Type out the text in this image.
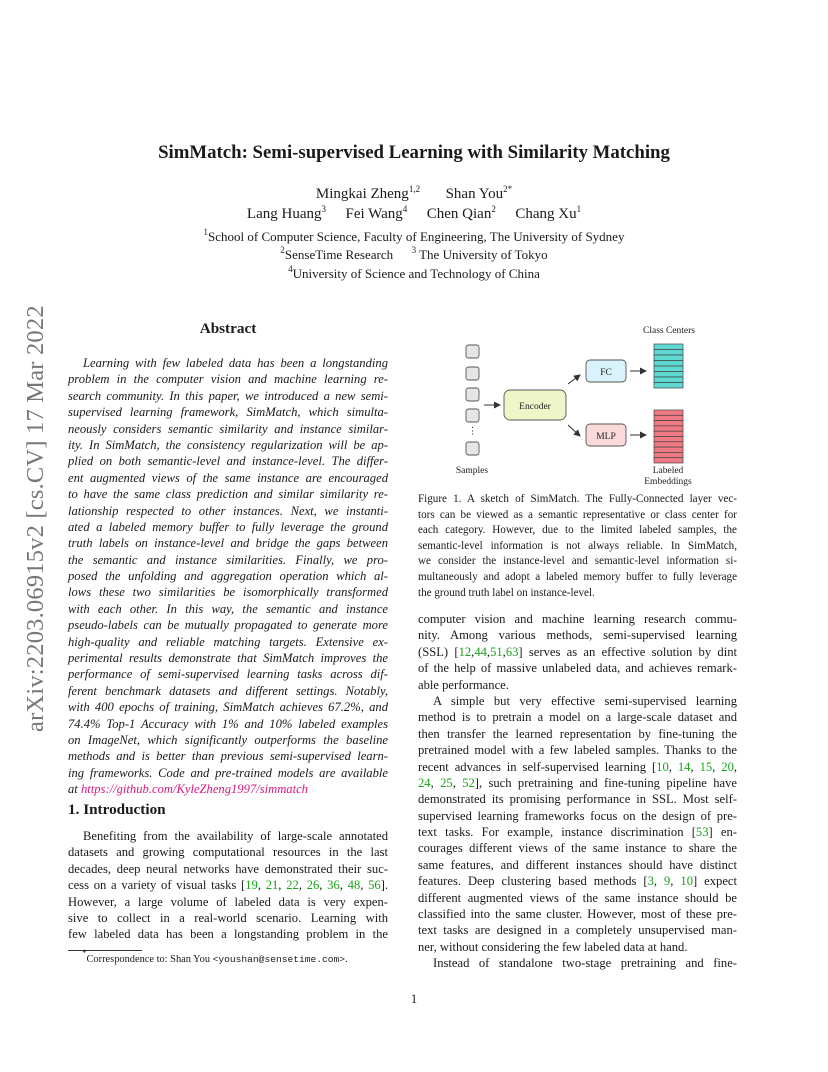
arXiv:2203.06915v2 [cs.CV] 17 Mar 2022
SimMatch: Semi-supervised Learning with Similarity Matching
Mingkai Zheng$^{1,2}$ Shan You$^{2*}$
Lang Huang$^3$ Fei Wang$^4$ Chen Qian$^2$ Chang Xu$^1$
$^1$School of Computer Science, Faculty of Engineering, The University of Sydney
$^2$SenseTime Research $^3$ The University of Tokyo
$^4$University of Science and Technology of China
Abstract
Learning with few labeled data has been a longstanding
problem in the computer vision and machine learning re-
search community. In this paper, we introduced a new semi-
supervised learning framework, SimMatch, which simulta-
neously considers semantic similarity and instance similar-
ity. In SimMatch, the consistency regularization will be ap-
plied on both semantic-level and instance-level. The differ-
ent augmented views of the same instance are encouraged
to have the same class prediction and similar similarity re-
lationship respected to other instances. Next, we instanti-
ated a labeled memory buffer to fully leverage the ground
truth labels on instance-level and bridge the gaps between
the semantic and instance similarities. Finally, we pro-
posed the unfolding and aggregation operation which al-
lows these two similarities be isomorphically transformed
with each other. In this way, the semantic and instance
pseudo-labels can be mutually propagated to generate more
high-quality and reliable matching targets. Extensive ex-
perimental results demonstrate that SimMatch improves the
performance of semi-supervised learning tasks across dif-
ferent benchmark datasets and different settings. Notably,
with 400 epochs of training, SimMatch achieves 67.2%, and
74.4% Top-1 Accuracy with 1% and 10% labeled examples
on ImageNet, which significantly outperforms the baseline
methods and is better than previous semi-supervised learn-
ing frameworks. Code and pre-trained models are available
at https://github.com/KyleZheng1997/simmatch
1. Introduction
Benefiting from the availability of large-scale annotated
datasets and growing computational resources in the last
decades, deep neural networks have demonstrated their suc-
cess on a variety of visual tasks [19, 21, 22, 26, 36, 48, 56].
However, a large volume of labeled data is very expen-
sive to collect in a real-world scenario. Learning with
few labeled data has been a longstanding problem in the
*Correspondence to: Shan You <youshan@sensetime.com>.
⋮
Encoder
FC
MLP
Class Centers
Samples	Labeled
Embeddings
Figure 1. A sketch of SimMatch. The Fully-Connected layer vec-
tors can be viewed as a semantic representative or class center for
each category. However, due to the limited labeled samples, the
semantic-level information is not always reliable. In SimMatch,
we consider the instance-level and semantic-level information si-
multaneously and adopt a labeled memory buffer to fully leverage
the ground truth label on instance-level.
computer vision and machine learning research commu-
nity. Among various methods, semi-supervised learning
(SSL) [12,44,51,63] serves as an effective solution by dint
of the help of massive unlabeled data, and achieves remark-
able performance.
A simple but very effective semi-supervised learning
method is to pretrain a model on a large-scale dataset and
then transfer the learned representation by fine-tuning the
pretrained model with a few labeled samples. Thanks to the
recent advances in self-supervised learning [10, 14, 15, 20,
24, 25, 52], such pretraining and fine-tuning pipeline have
demonstrated its promising performance in SSL. Most self-
supervised learning frameworks focus on the design of pre-
text tasks. For example, instance discrimination [53] en-
courages different views of the same instance to share the
same features, and different instances should have distinct
features. Deep clustering based methods [3, 9, 10] expect
different augmented views of the same instance should be
classified into the same cluster. However, most of these pre-
text tasks are designed in a completely unsupervised man-
ner, without considering the few labeled data at hand.
Instead of standalone two-stage pretraining and fine-
1
